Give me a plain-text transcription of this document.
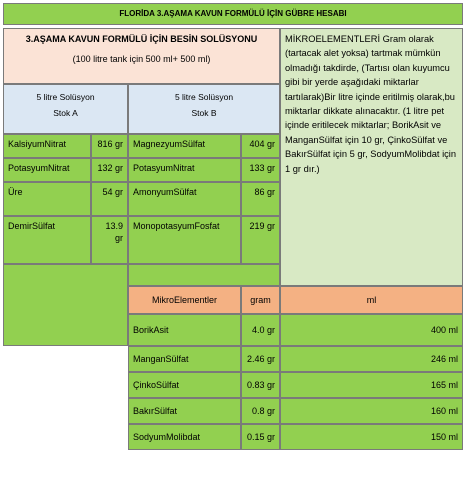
FLORİDA 3.AŞAMA KAVUN FORMÜLÜ İÇİN GÜBRE HESABI
3.AŞAMA KAVUN FORMÜLÜ İÇİN BESİN SOLÜSYONU
(100 litre tank için 500 ml+ 500 ml)
MİKROELEMENTLERİ Gram olarak (tartacak alet yoksa) tartmak mümkün olmadığı takdirde, (Tartısı olan kuyumcu gibi bir yerde aşağıdaki miktarlar tartılarak)Bir litre içinde eritilmiş olarak,bu miktarlar dikkate alınacaktır. (1 litre pet içinde eritilecek miktarlar; BorikAsit ve ManganSülfat için 10 gr, ÇinkoSülfat ve BakırSülfat için 5 gr, SodyumMolibdat için 1 gr dır.)
5 litre Solüsyon
Stok A
5 litre Solüsyon
Stok B
KalsiyumNitrat	816 gr
PotasyumNitrat	132 gr
Üre	54 gr
DemirSülfat	13.9 gr
MagnezyumSülfat	404 gr
PotasyumNitrat	133 gr
AmonyumSülfat	86 gr
MonopotasyumFosfat	219 gr
MikroElementler	gram	ml
BorikAsit	4.0 gr	400 ml
ManganSülfat	2.46 gr	246 ml
ÇinkoSülfat	0.83 gr	165 ml
BakırSülfat	0.8 gr	160 ml
SodyumMolibdat	0.15 gr	150 ml
